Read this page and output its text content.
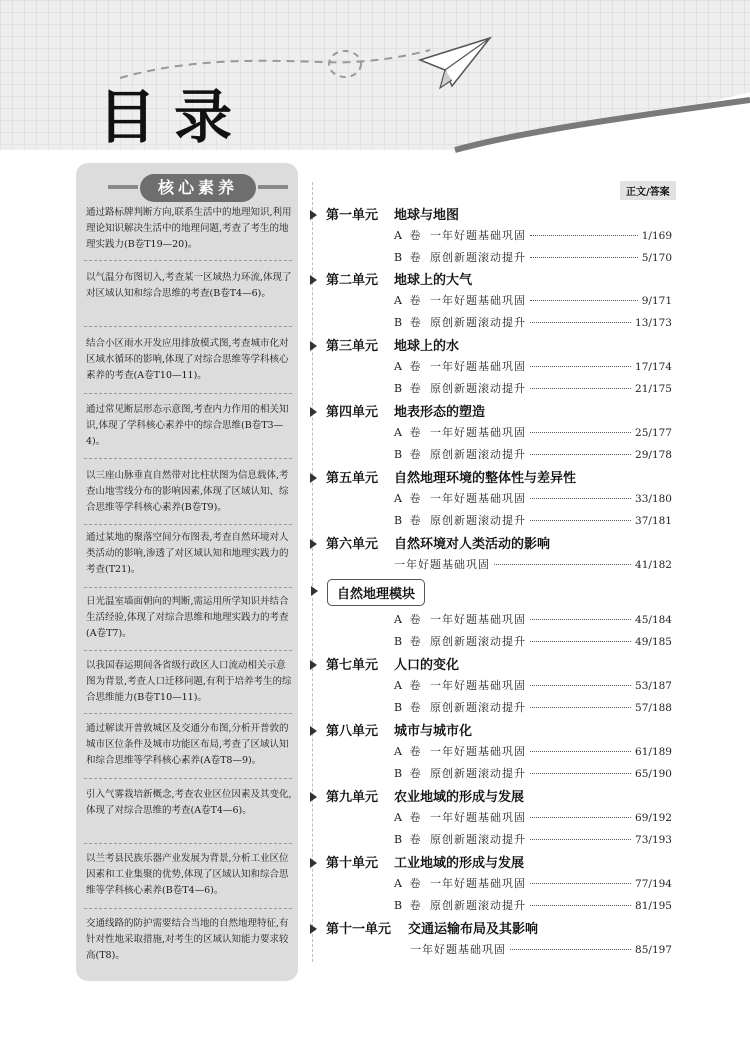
目录
核心素养
通过路标牌判断方向,联系生活中的地理知识,利用理论知识解决生活中的地理问题,考查了考生的地理实践力(B卷T19—20)。
以气温分布图切入,考查某一区域热力环流,体现了对区域认知和综合思维的考查(B卷T4—6)。
结合小区雨水开发应用排放模式图,考查城市化对区域水循环的影响,体现了对综合思维等学科核心素养的考查(A卷T10—11)。
通过常见断层形态示意图,考查内力作用的相关知识,体现了学科核心素养中的综合思维(B卷T3—4)。
以三座山脉垂直自然带对比柱状图为信息载体,考查山地雪线分布的影响因素,体现了区域认知、综合思维等学科核心素养(B卷T9)。
通过某地的聚落空间分布图表,考查自然环境对人类活动的影响,渗透了对区域认知和地理实践力的考查(T21)。
日光温室墙面朝向的判断,需运用所学知识并结合生活经验,体现了对综合思维和地理实践力的考查(A卷T7)。
以我国春运期间各省级行政区人口流动相关示意图为背景,考查人口迁移问题,有利于培养考生的综合思维能力(B卷T10—11)。
通过解读开普敦城区及交通分布图,分析开普敦的城市区位条件及城市功能区布局,考查了区域认知和综合思维等学科核心素养(A卷T8—9)。
引入气雾栽培新概念,考查农业区位因素及其变化,体现了对综合思维的考查(A卷T4—6)。
以兰考县民族乐器产业发展为背景,分析工业区位因素和工业集聚的优势,体现了区域认知和综合思维等学科核心素养(B卷T4—6)。
交通线路的防护需要结合当地的自然地理特征,有针对性地采取措施,对考生的区域认知能力要求较高(T8)。
正文/答案
第一单元 地球与地图
A 卷 一年好题基础巩固	1/169
B 卷 原创新题滚动提升	5/170
第二单元 地球上的大气
A 卷 一年好题基础巩固	9/171
B 卷 原创新题滚动提升	13/173
第三单元 地球上的水
A 卷 一年好题基础巩固	17/174
B 卷 原创新题滚动提升	21/175
第四单元 地表形态的塑造
A 卷 一年好题基础巩固	25/177
B 卷 原创新题滚动提升	29/178
第五单元 自然地理环境的整体性与差异性
A 卷 一年好题基础巩固	33/180
B 卷 原创新题滚动提升	37/181
第六单元 自然环境对人类活动的影响
一年好题基础巩固	41/182
自然地理模块
A 卷 一年好题基础巩固	45/184
B 卷 原创新题滚动提升	49/185
第七单元 人口的变化
A 卷 一年好题基础巩固	53/187
B 卷 原创新题滚动提升	57/188
第八单元 城市与城市化
A 卷 一年好题基础巩固	61/189
B 卷 原创新题滚动提升	65/190
第九单元 农业地域的形成与发展
A 卷 一年好题基础巩固	69/192
B 卷 原创新题滚动提升	73/193
第十单元 工业地域的形成与发展
A 卷 一年好题基础巩固	77/194
B 卷 原创新题滚动提升	81/195
第十一单元 交通运输布局及其影响
一年好题基础巩固	85/197
